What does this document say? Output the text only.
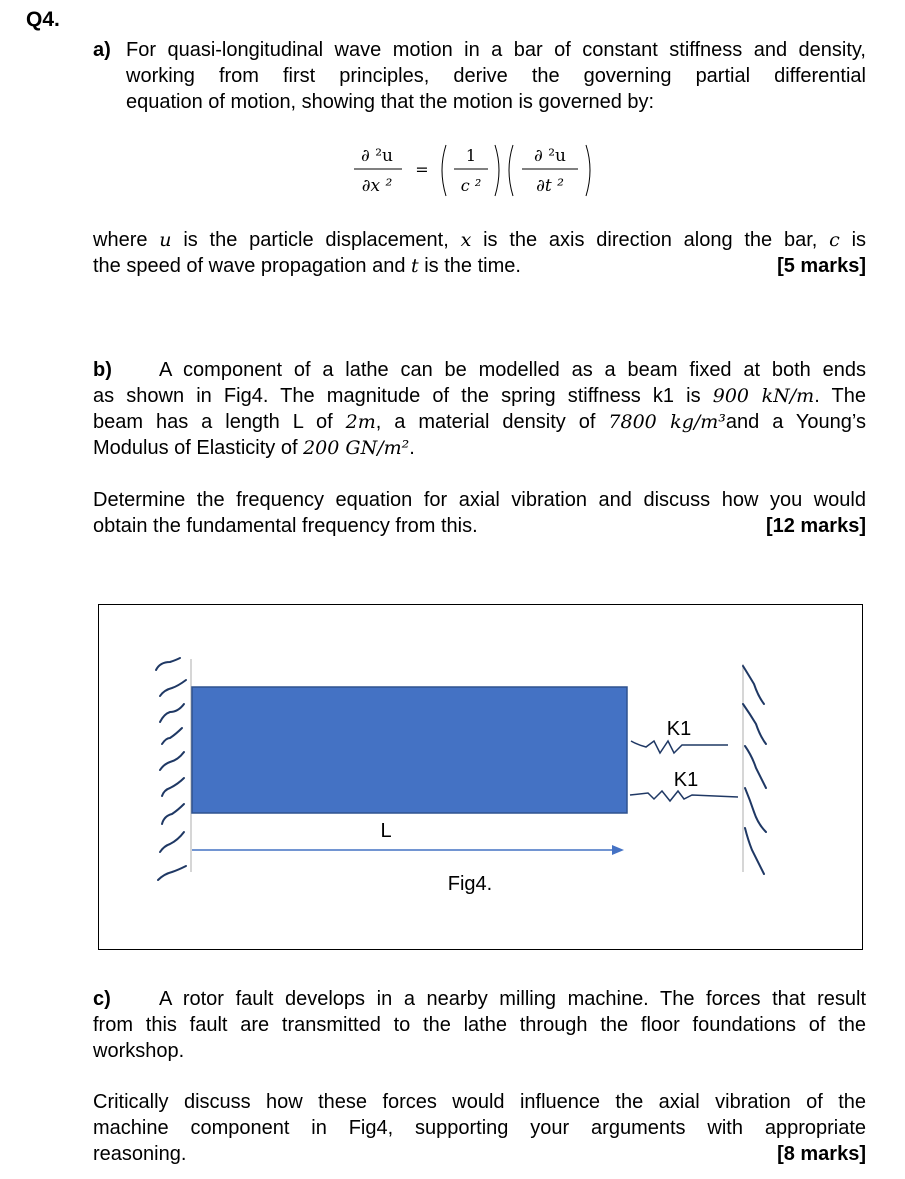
Q4.
a) For quasi-longitudinal wave motion in a bar of constant stiffness and density,
working from first principles, derive the governing partial differential
equation of motion, showing that the motion is governed by:
∂ ²u
∂x ²
=
1
c ²
∂ ²u
∂t ²
where u is the particle displacement, x is the axis direction along the bar, c is
the speed of wave propagation and t is the time.	[5 marks]
b) A component of a lathe can be modelled as a beam fixed at both ends
as shown in Fig4. The magnitude of the spring stiffness k1 is 900 kN/m. The
beam has a length L of 2m, a material density of 7800 kg/m³and a Young’s
Modulus of Elasticity of 200 GN/m².
Determine the frequency equation for axial vibration and discuss how you would
obtain the fundamental frequency from this.	[12 marks]
L
K1
K1
Fig4.
c) A rotor fault develops in a nearby milling machine. The forces that result
from this fault are transmitted to the lathe through the floor foundations of the
workshop.
Critically discuss how these forces would influence the axial vibration of the
machine component in Fig4, supporting your arguments with appropriate
reasoning.	[8 marks]
